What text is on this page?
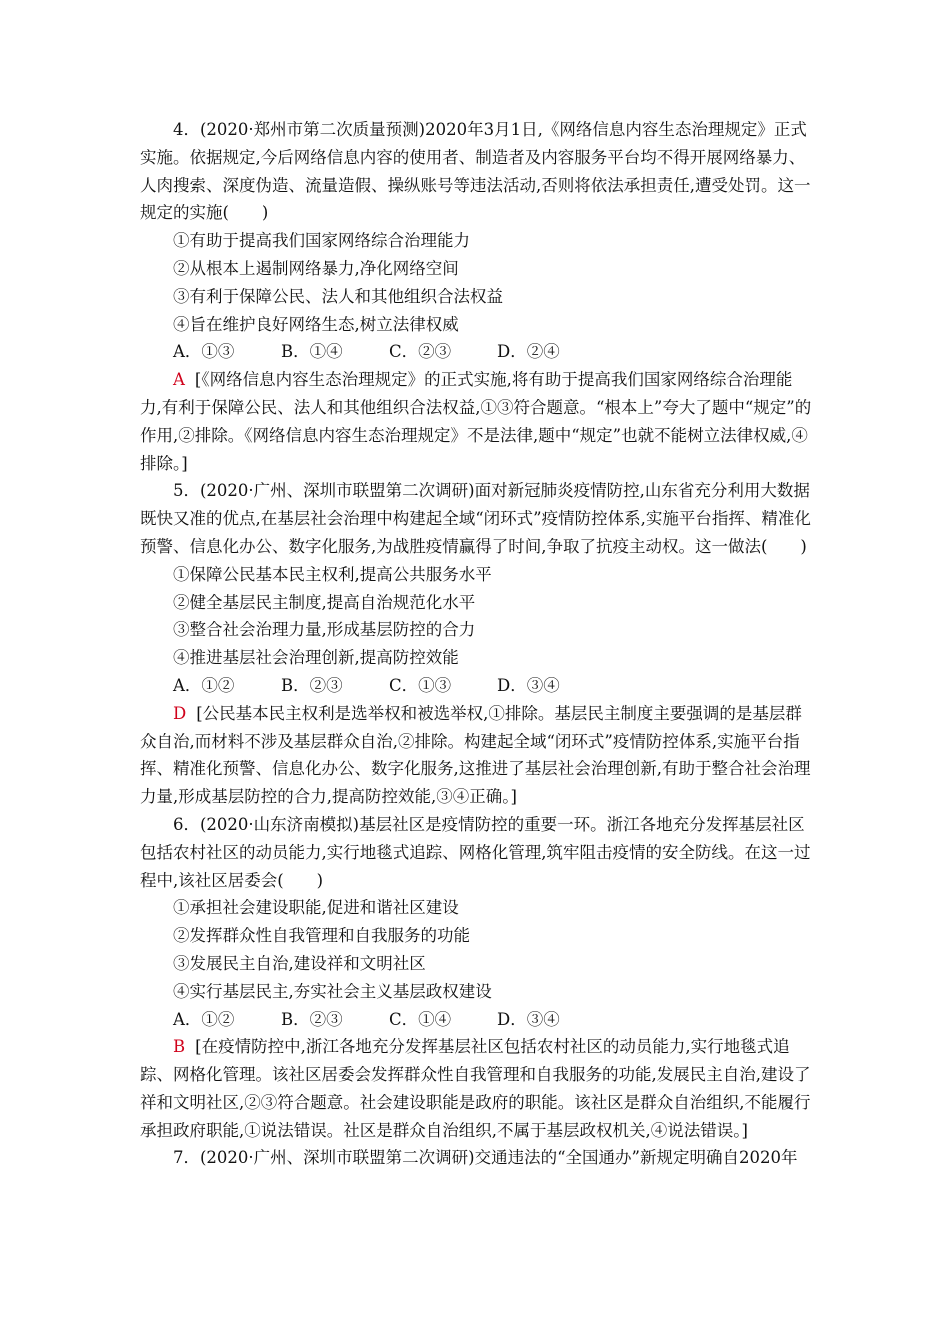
4．(2020·郑州市第二次质量预测)2020年3月1日,《网络信息内容生态治理规定》正式实施。依据规定,今后网络信息内容的使用者、制造者及内容服务平台均不得开展网络暴力、人肉搜索、深度伪造、流量造假、操纵账号等违法活动,否则将依法承担责任,遭受处罚。这一规定的实施(　　)

①有助于提高我们国家网络综合治理能力

②从根本上遏制网络暴力,净化网络空间

③有利于保障公民、法人和其他组织合法权益

④旨在维护良好网络生态,树立法律权威

A．①③	B．①④	C．②③	D．②④

A [《网络信息内容生态治理规定》的正式实施,将有助于提高我们国家网络综合治理能力,有利于保障公民、法人和其他组织合法权益,①③符合题意。“根本上”夸大了题中“规定”的作用,②排除。《网络信息内容生态治理规定》不是法律,题中“规定”也就不能树立法律权威,④排除。]

5．(2020·广州、深圳市联盟第二次调研)面对新冠肺炎疫情防控,山东省充分利用大数据既快又准的优点,在基层社会治理中构建起全域“闭环式”疫情防控体系,实施平台指挥、精准化预警、信息化办公、数字化服务,为战胜疫情赢得了时间,争取了抗疫主动权。这一做法(　　)

①保障公民基本民主权利,提高公共服务水平

②健全基层民主制度,提高自治规范化水平

③整合社会治理力量,形成基层防控的合力

④推进基层社会治理创新,提高防控效能

A．①②	B．②③	C．①③	D．③④

D [公民基本民主权利是选举权和被选举权,①排除。基层民主制度主要强调的是基层群众自治,而材料不涉及基层群众自治,②排除。构建起全域“闭环式”疫情防控体系,实施平台指挥、精准化预警、信息化办公、数字化服务,这推进了基层社会治理创新,有助于整合社会治理力量,形成基层防控的合力,提高防控效能,③④正确。]

6．(2020·山东济南模拟)基层社区是疫情防控的重要一环。浙江各地充分发挥基层社区包括农村社区的动员能力,实行地毯式追踪、网格化管理,筑牢阻击疫情的安全防线。在这一过程中,该社区居委会(　　)

①承担社会建设职能,促进和谐社区建设

②发挥群众性自我管理和自我服务的功能

③发展民主自治,建设祥和文明社区

④实行基层民主,夯实社会主义基层政权建设

A．①②	B．②③	C．①④	D．③④

B [在疫情防控中,浙江各地充分发挥基层社区包括农村社区的动员能力,实行地毯式追踪、网格化管理。该社区居委会发挥群众性自我管理和自我服务的功能,发展民主自治,建设了祥和文明社区,②③符合题意。社会建设职能是政府的职能。该社区是群众自治组织,不能履行承担政府职能,①说法错误。社区是群众自治组织,不属于基层政权机关,④说法错误。]

7．(2020·广州、深圳市联盟第二次调研)交通违法的“全国通办”新规定明确自2020年
